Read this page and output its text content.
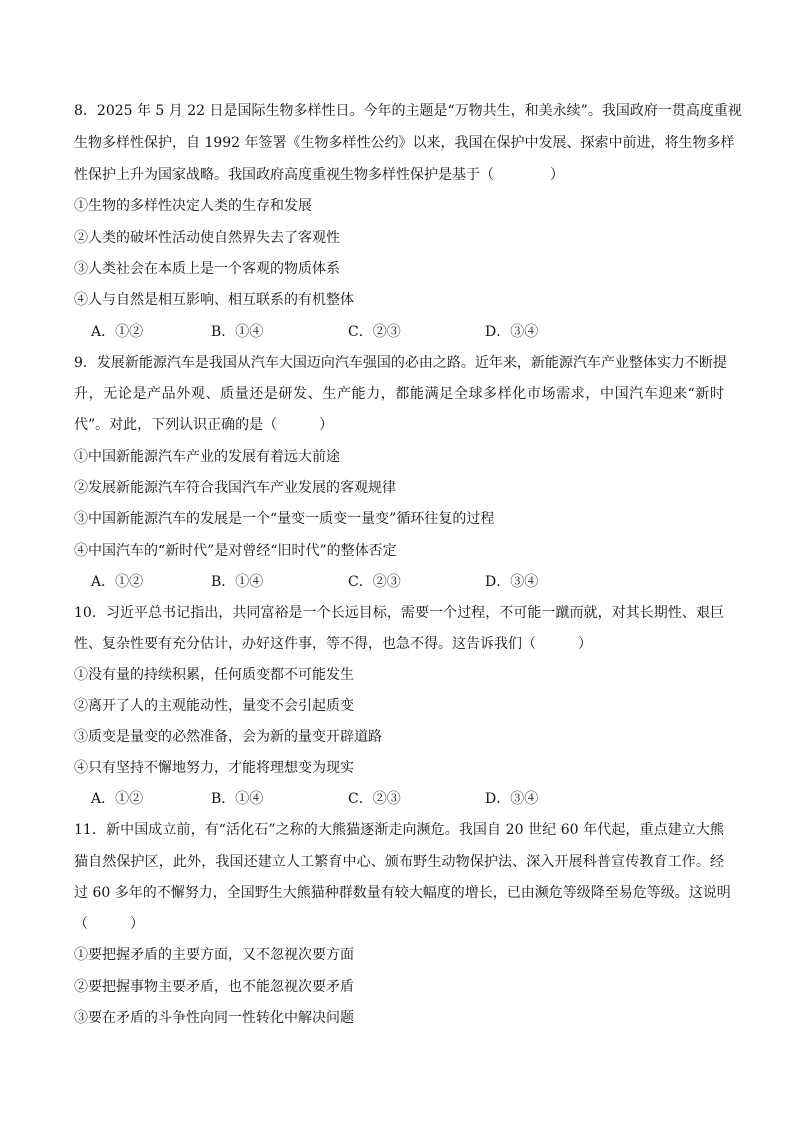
8．2025 年 5 月 22 日是国际生物多样性日。今年的主题是“万物共生，和美永续”。我国政府一贯高度重视
生物多样性保护，自 1992 年签署《生物多样性公约》以来，我国在保护中发展、探索中前进，将生物多样
性保护上升为国家战略。我国政府高度重视生物多样性保护是基于（　　　　）
①生物的多样性决定人类的生存和发展
②人类的破坏性活动使自然界失去了客观性
③人类社会在本质上是一个客观的物质体系
④人与自然是相互影响、相互联系的有机整体
A．①②	B．①④	C．②③	D．③④
9．发展新能源汽车是我国从汽车大国迈向汽车强国的必由之路。近年来，新能源汽车产业整体实力不断提
升，无论是产品外观、质量还是研发、生产能力，都能满足全球多样化市场需求，中国汽车迎来“新时
代”。对此，下列认识正确的是（　　　）
①中国新能源汽车产业的发展有着远大前途
②发展新能源汽车符合我国汽车产业发展的客观规律
③中国新能源汽车的发展是一个“量变一质变一量变”循环往复的过程
④中国汽车的“新时代”是对曾经“旧时代”的整体否定
A．①②	B．①④	C．②③	D．③④
10．习近平总书记指出，共同富裕是一个长远目标，需要一个过程，不可能一蹴而就，对其长期性、艰巨
性、复杂性要有充分估计，办好这件事，等不得，也急不得。这告诉我们（　　　）
①没有量的持续积累，任何质变都不可能发生
②离开了人的主观能动性，量变不会引起质变
③质变是量变的必然准备，会为新的量变开辟道路
④只有坚持不懈地努力，才能将理想变为现实
A．①②	B．①④	C．②③	D．③④
11．新中国成立前，有“活化石”之称的大熊猫逐渐走向濒危。我国自 20 世纪 60 年代起，重点建立大熊
猫自然保护区，此外，我国还建立人工繁育中心、颁布野生动物保护法、深入开展科普宣传教育工作。经
过 60 多年的不懈努力，全国野生大熊猫种群数量有较大幅度的增长，已由濒危等级降至易危等级。这说明
（　　　）
①要把握矛盾的主要方面，又不忽视次要方面
②要把握事物主要矛盾，也不能忽视次要矛盾
③要在矛盾的斗争性向同一性转化中解决问题
